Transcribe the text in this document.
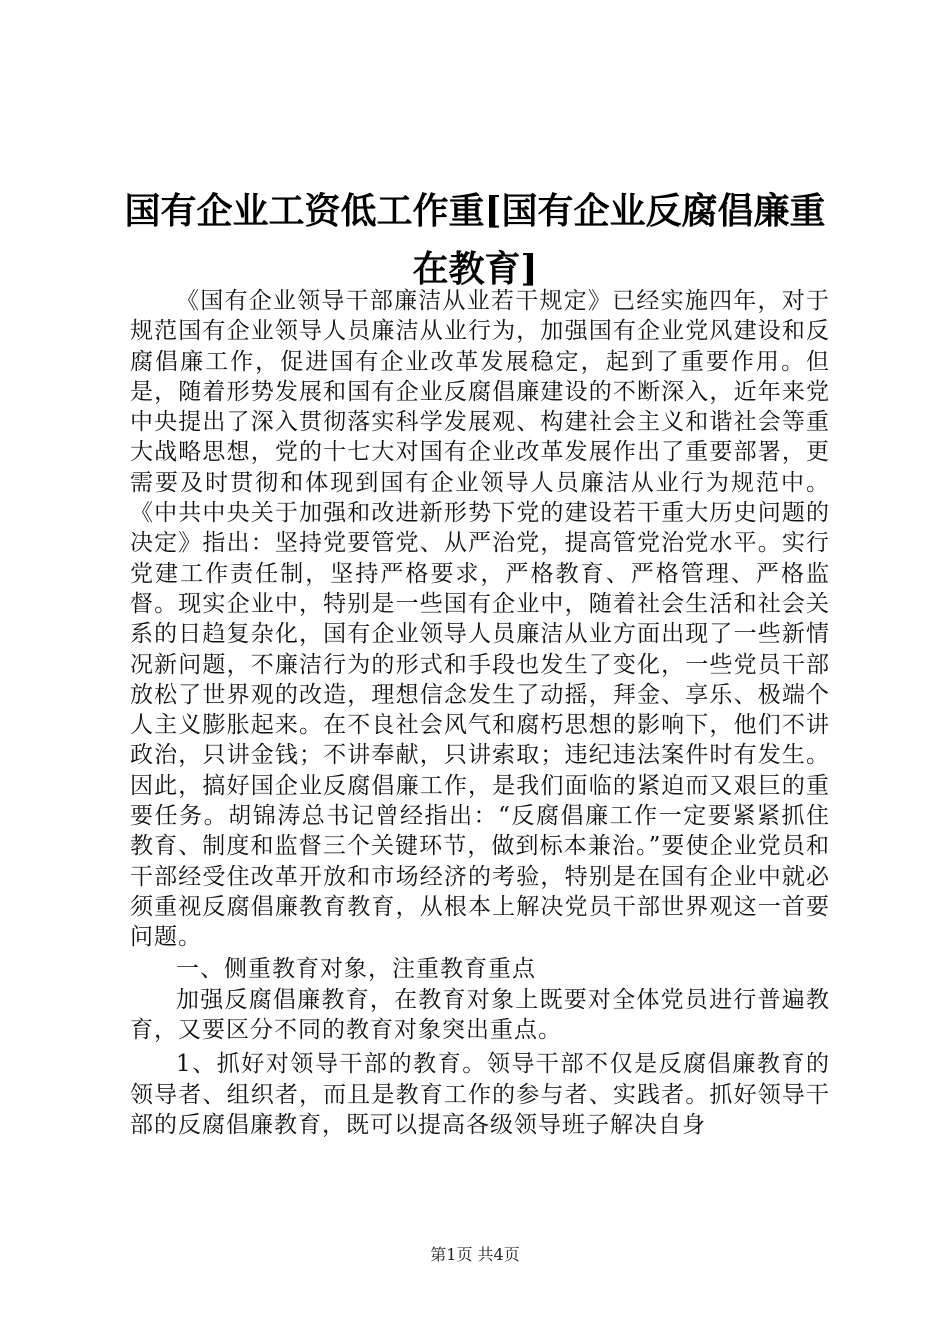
国有企业工资低工作重[国有企业反腐倡廉重在教育]

《国有企业领导干部廉洁从业若干规定》已经实施四年，对于规范国有企业领导人员廉洁从业行为，加强国有企业党风建设和反腐倡廉工作，促进国有企业改革发展稳定，起到了重要作用。但是，随着形势发展和国有企业反腐倡廉建设的不断深入，近年来党中央提出了深入贯彻落实科学发展观、构建社会主义和谐社会等重大战略思想，党的十七大对国有企业改革发展作出了重要部署，更需要及时贯彻和体现到国有企业领导人员廉洁从业行为规范中。《中共中央关于加强和改进新形势下党的建设若干重大历史问题的决定》指出：坚持党要管党、从严治党，提高管党治党水平。实行党建工作责任制，坚持严格要求，严格教育、严格管理、严格监督。现实企业中，特别是一些国有企业中，随着社会生活和社会关系的日趋复杂化，国有企业领导人员廉洁从业方面出现了一些新情况新问题，不廉洁行为的形式和手段也发生了变化，一些党员干部放松了世界观的改造，理想信念发生了动摇，拜金、享乐、极端个人主义膨胀起来。在不良社会风气和腐朽思想的影响下，他们不讲政治，只讲金钱；不讲奉献，只讲索取；违纪违法案件时有发生。因此，搞好国企业反腐倡廉工作，是我们面临的紧迫而又艰巨的重要任务。胡锦涛总书记曾经指出：“反腐倡廉工作一定要紧紧抓住教育、制度和监督三个关键环节，做到标本兼治。”要使企业党员和干部经受住改革开放和市场经济的考验，特别是在国有企业中就必须重视反腐倡廉教育教育，从根本上解决党员干部世界观这一首要问题。

一、侧重教育对象，注重教育重点

加强反腐倡廉教育，在教育对象上既要对全体党员进行普遍教育，又要区分不同的教育对象突出重点。

1、抓好对领导干部的教育。领导干部不仅是反腐倡廉教育的领导者、组织者，而且是教育工作的参与者、实践者。抓好领导干部的反腐倡廉教育，既可以提高各级领导班子解决自身

第1页 共4页
